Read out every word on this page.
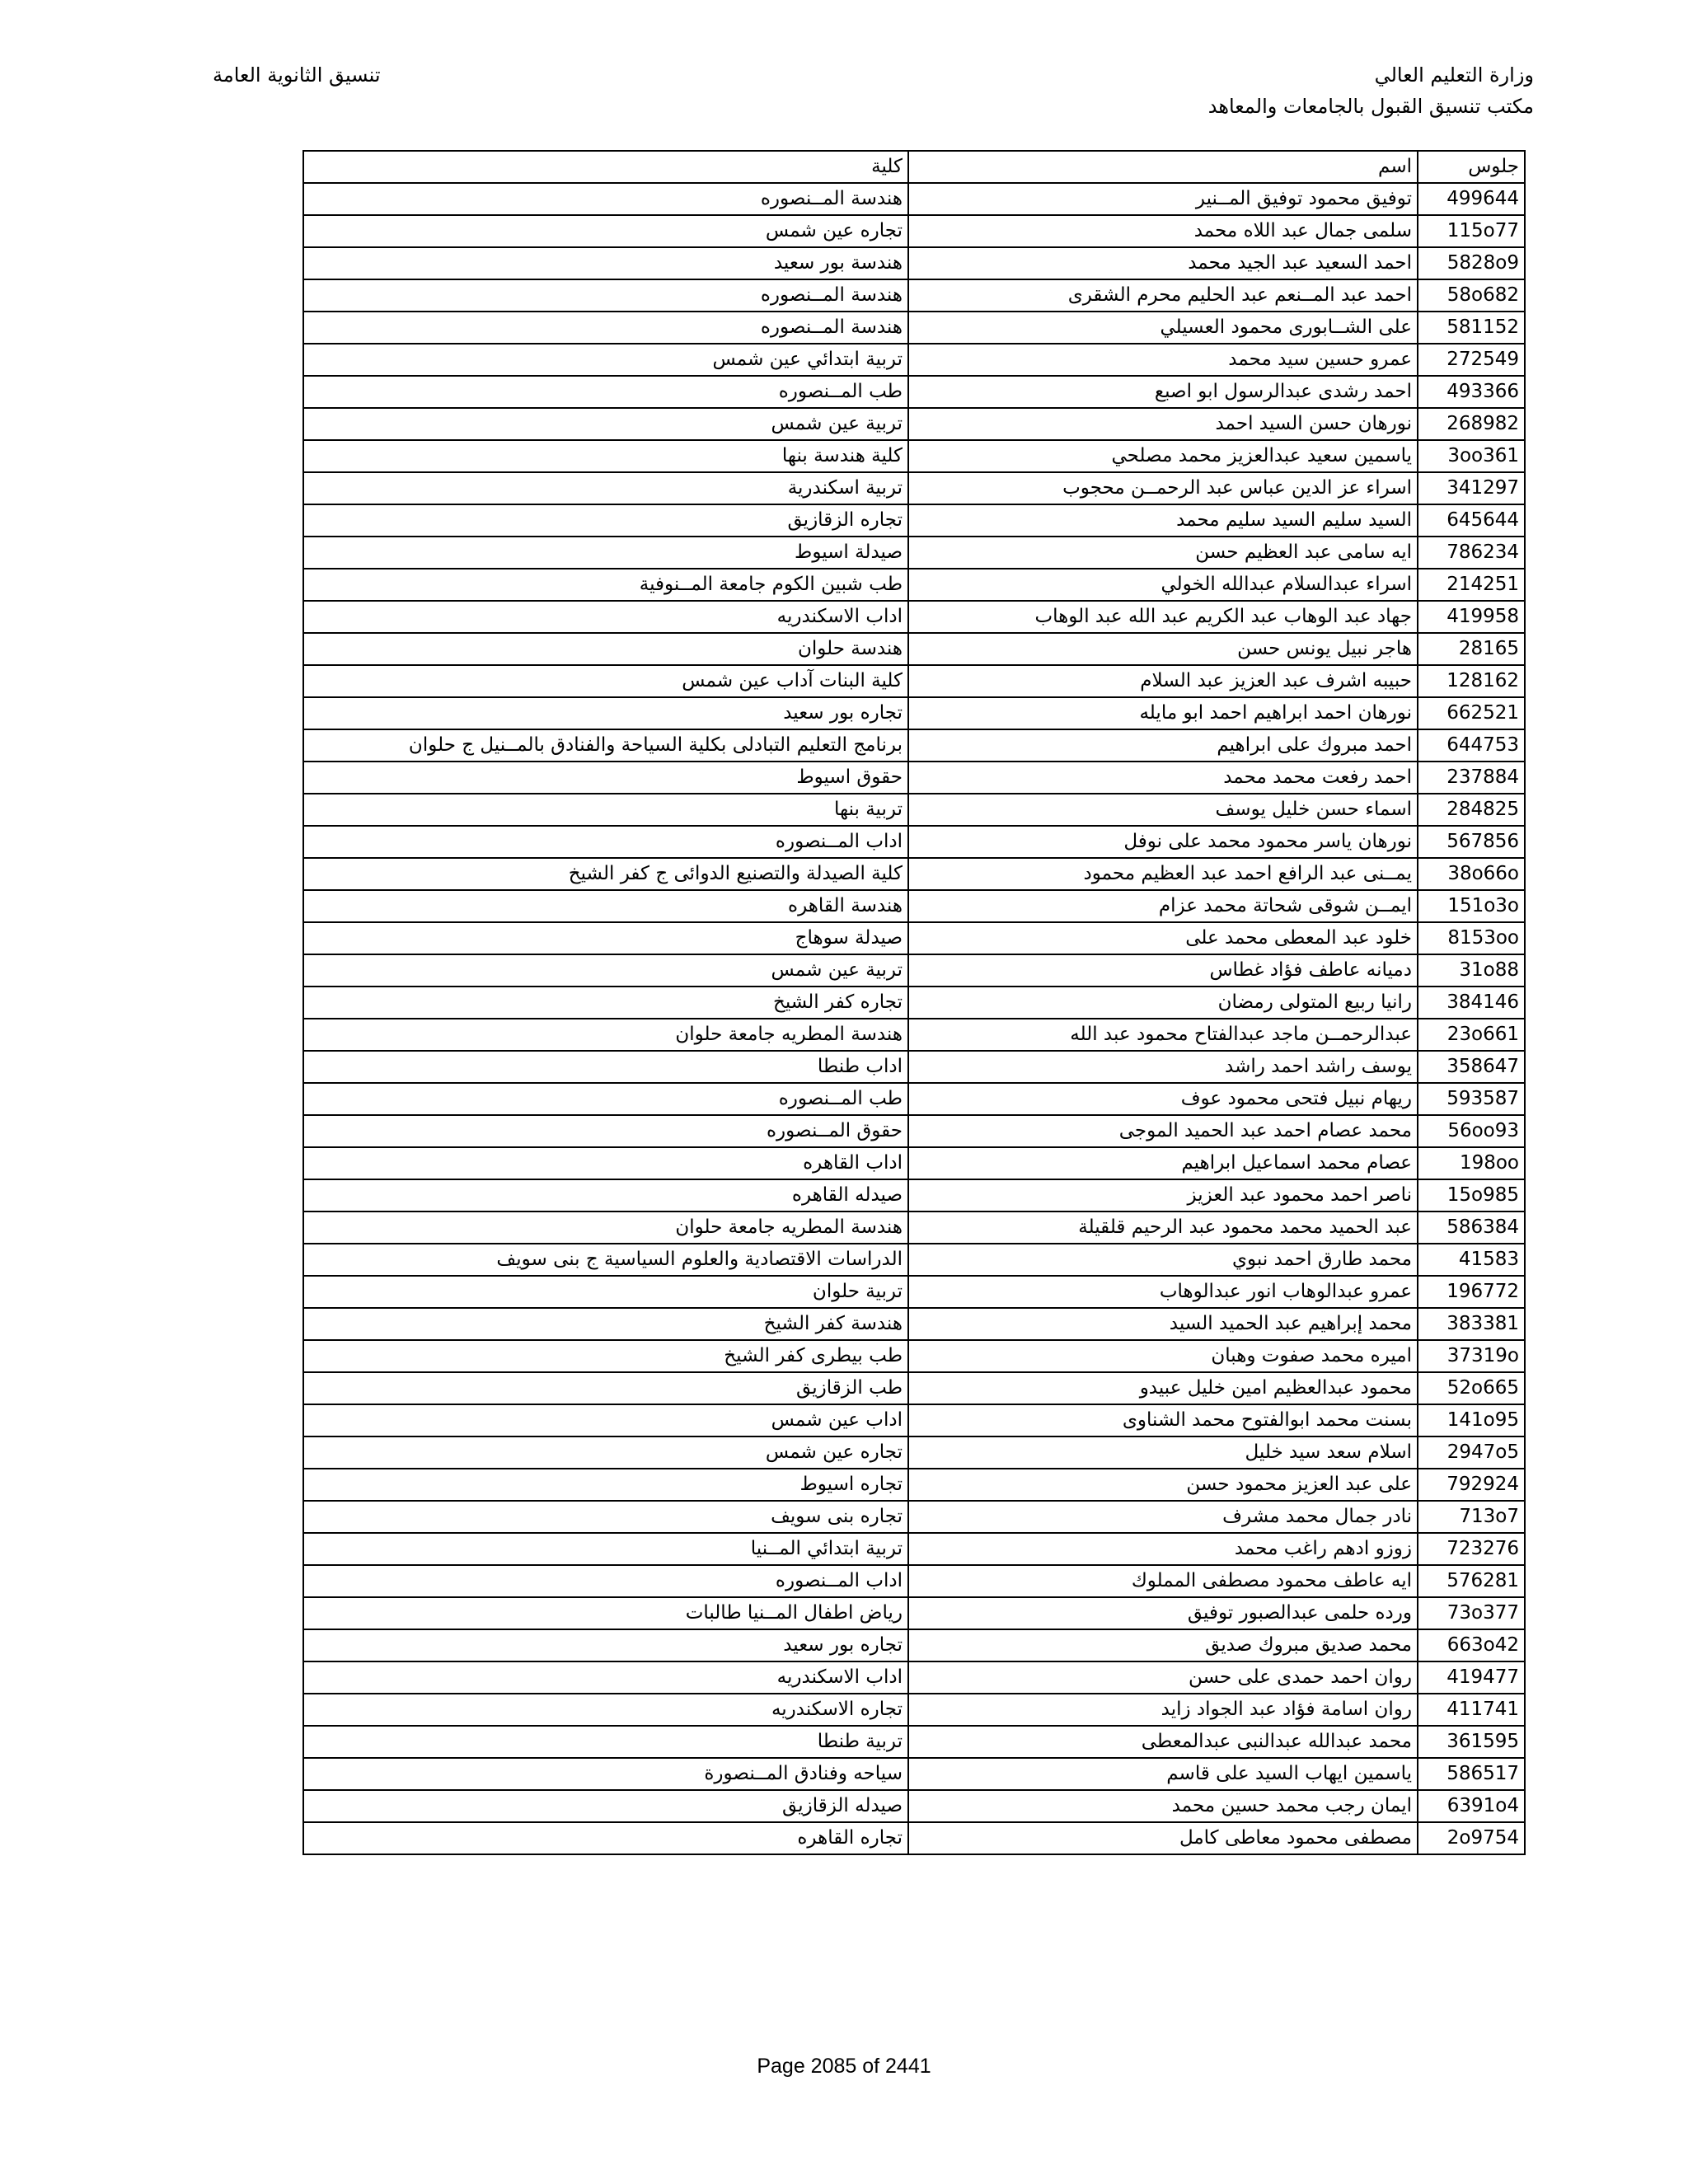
وزارة التعليم العالي
مكتب تنسيق القبول بالجامعات والمعاهد
تنسيق الثانوية العامة
جلوس	اسم	كلية
499644	توفيق محمود توفيق المــنير	هندسة المــنصوره
115o77	سلمى جمال عبد اللاه محمد	تجاره عين شمس
5828o9	احمد السعيد عبد الجيد محمد	هندسة بور سعيد
58o682	احمد عبد المــنعم عبد الحليم محرم الشقرى	هندسة المــنصوره
581152	على الشــابورى محمود العسيلي	هندسة المــنصوره
272549	عمرو حسين سيد محمد	تربية ابتدائي عين شمس
493366	احمد رشدى عبدالرسول ابو اصبع	طب المــنصوره
268982	نورهان حسن السيد احمد	تربية عين شمس
3oo361	ياسمين سعيد عبدالعزيز محمد مصلحي	كلية هندسة بنها
341297	اسراء عز الدين عباس عبد الرحمــن محجوب	تربية اسكندرية
645644	السيد سليم السيد سليم محمد	تجاره الزقازيق
786234	ايه سامى عبد العظيم حسن	صيدلة اسيوط
214251	اسراء عبدالسلام عبدالله الخولي	طب شبين الكوم جامعة المــنوفية
419958	جهاد عبد الوهاب عبد الكريم عبد الله عبد الوهاب	اداب الاسكندريه
28165	هاجر نبيل يونس حسن	هندسة حلوان
128162	حبيبه اشرف عبد العزيز عبد السلام	كلية البنات آداب عين شمس
662521	نورهان احمد ابراهيم احمد ابو مايله	تجاره بور سعيد
644753	احمد مبروك على ابراهيم	برنامج التعليم التبادلى بكلية السياحة والفنادق بالمــنيل ج حلوان
237884	احمد رفعت محمد محمد	حقوق اسيوط
284825	اسماء حسن خليل يوسف	تربية بنها
567856	نورهان ياسر محمود محمد على نوفل	اداب المــنصوره
38o66o	يمــنى عبد الرافع احمد عبد العظيم محمود	كلية الصيدلة والتصنيع الدوائى ج كفر الشيخ
151o3o	ايمــن شوقى شحاتة محمد عزام	هندسة القاهره
8153oo	خلود عبد المعطى محمد على	صيدلة سوهاج
31o88	دميانه عاطف فؤاد غطاس	تربية عين شمس
384146	رانيا ربيع المتولى رمضان	تجاره كفر الشيخ
23o661	عبدالرحمــن ماجد عبدالفتاح محمود عبد الله	هندسة المطريه جامعة حلوان
358647	يوسف راشد احمد راشد	اداب طنطا
593587	ريهام نبيل فتحى محمود عوف	طب المــنصوره
56oo93	محمد عصام احمد عبد الحميد الموجى	حقوق المــنصوره
198oo	عصام محمد اسماعيل ابراهيم	اداب القاهره
15o985	ناصر احمد محمود عبد العزيز	صيدله القاهره
586384	عبد الحميد محمد محمود عبد الرحيم قلقيلة	هندسة المطريه جامعة حلوان
41583	محمد طارق احمد نبوي	الدراسات الاقتصادية والعلوم السياسية ج بنى سويف
196772	عمرو عبدالوهاب انور عبدالوهاب	تربية حلوان
383381	محمد إبراهيم عبد الحميد السيد	هندسة كفر الشيخ
37319o	اميره محمد صفوت وهبان	طب بيطرى كفر الشيخ
52o665	محمود عبدالعظيم امين خليل عبيدو	طب الزقازيق
141o95	بسنت محمد ابوالفتوح محمد الشناوى	اداب عين شمس
2947o5	اسلام سعد سيد خليل	تجاره عين شمس
792924	على عبد العزيز محمود حسن	تجاره اسيوط
713o7	نادر جمال محمد مشرف	تجاره بنى سويف
723276	زوزو ادهم راغب محمد	تربية ابتدائي المــنيا
576281	ايه عاطف محمود مصطفى المملوك	اداب المــنصوره
73o377	ورده حلمى عبدالصبور توفيق	رياض اطفال المــنيا طالبات
663o42	محمد صديق مبروك صديق	تجاره بور سعيد
419477	روان احمد حمدى على حسن	اداب الاسكندريه
411741	روان اسامة فؤاد عبد الجواد زايد	تجاره الاسكندريه
361595	محمد عبدالله عبدالنبى عبدالمعطى	تربية طنطا
586517	ياسمين ايهاب السيد على قاسم	سياحه وفنادق المــنصورة
6391o4	ايمان رجب محمد حسين محمد	صيدله الزقازيق
2o9754	مصطفى محمود معاطى كامل	تجاره القاهره
Page 2085 of 2441
